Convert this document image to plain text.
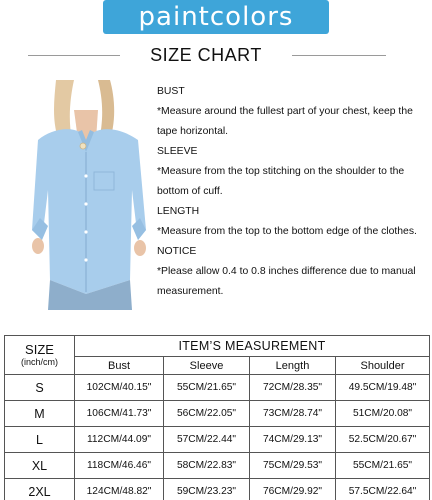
paintcolors
SIZE CHART

BUST

*Measure around the fullest part of your chest, keep the tape horizontal.

SLEEVE

*Measure from the top stitching on the shoulder to the bottom of cuff.

LENGTH

*Measure from the top to the bottom edge of the clothes.

NOTICE

*Please allow 0.4 to 0.8 inches difference due to manual measurement.

SIZE
(inch/cm)	ITEM’S MEASUREMENT			
	Bust	Sleeve	Length	Shoulder
S	102CM/40.15"	55CM/21.65"	72CM/28.35"	49.5CM/19.48"
M	106CM/41.73"	56CM/22.05"	73CM/28.74"	51CM/20.08"
L	112CM/44.09"	57CM/22.44"	74CM/29.13"	52.5CM/20.67"
XL	118CM/46.46"	58CM/22.83"	75CM/29.53"	55CM/21.65"
2XL	124CM/48.82"	59CM/23.23"	76CM/29.92"	57.5CM/22.64"
